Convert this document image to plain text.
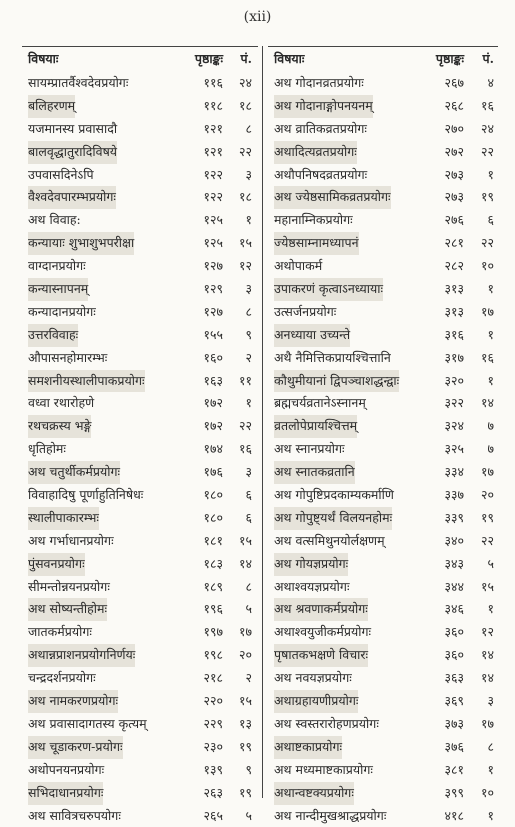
(xii)
विषयाः	पृष्ठाङ्कः	पं.
सायम्प्रातर्वैश्वदेवप्रयोगः	११६	२४
बलिहरणम्	११८	१८
यजमानस्य प्रवासादौ	१२१	८
बालवृद्धातुरादिविषये	१२१	२२
उपवासदिनेऽपि	१२२	३
वैश्वदेवपारम्भप्रयोगः	१२२	१८
अथ विवाह:	१२५	१
कन्यायाः शुभाशुभपरीक्षा	१२५	१५
वाग्दानप्रयोगः	१२७	१२
कन्यास्नापनम्	१२९	३
कन्यादानप्रयोगः	१२७	८
उत्तरविवाहः	१५५	९
औपासनहोमारम्भः	१६०	२
समशनीयस्थालीपाकप्रयोगः	१६३	११
वध्वा रथारोहणे	१७२	१
रथचक्रस्य भङ्गे	१७२	२२
धृतिहोमः	१७४	१६
अथ चतुर्थीकर्मप्रयोगः	१७६	३
विवाहादिषु पूर्णाहुतिनिषेधः	१८०	६
स्थालीपाकारम्भः	१८०	६
अथ गर्भाधानप्रयोगः	१८१	१५
पुंसवनप्रयोगः	१८३	१४
सीमन्तोन्नयनप्रयोगः	१८९	८
अथ सोष्यन्तीहोमः	१९६	५
जातकर्मप्रयोगः	१९७	१७
अथान्नप्राशनप्रयोगनिर्णयः	१९८	२०
चन्द्रदर्शनप्रयोगः	२१८	२
अथ नामकरणप्रयोगः	२२०	१५
अथ प्रवासादागतस्य कृत्यम्	२२९	१३
अथ चूडाकरण-प्रयोगः	२३०	१९
अथोपनयनप्रयोगः	१३९	९
सभिदाधानप्रयोगः	२६३	१९
अथ सावित्रचरुपयोगः	२६५	५
विषयाः	पृष्ठाङ्कः	पं.
अथ गोदानव्रतप्रयोगः	२६७	४
अथ गोदानाङ्गोपनयनम्	२६८	१६
अथ व्रातिकव्रतप्रयोगः	२७०	२४
अथादित्यव्रतप्रयोगः	२७२	२२
अथौपनिषदव्रतप्रयोगः	२७३	१
अथ ज्येष्ठसामिकव्रतप्रयोगः	२७३	१९
महानाम्निकप्रयोगः	२७६	६
ज्येष्ठसाम्नामध्यापनं	२८१	२२
अथोपाकर्म	२८२	१०
उपाकरणं कृत्वाऽनध्यायाः	३१३	१
उत्सर्जनप्रयोगः	३१३	१७
अनध्याया उच्यन्ते	३१६	१
अथै नैमित्तिकप्रायश्चित्तानि	३१७	१६
कौथुमीयानां द्विपञ्चाशद्धन्द्वाः	३२०	१
ब्रह्मचर्यव्रतानेऽस्नानम्	३२२	१४
व्रतलोपेप्रायश्चित्तम्	३२४	७
अथ स्नानप्रयोगः	३२५	७
अथ स्नातकव्रतानि	३३४	१७
अथ गोपुष्टिप्रदकाम्यकर्माणि	३३७	२०
अथ गोपुष्ट्यर्थं विलयनहोमः	३३९	१९
अथ वत्समिथुनयोर्लक्षणम्	३४०	२२
अथ गोयज्ञप्रयोगः	३४३	५
अथाश्वयज्ञप्रयोगः	३४४	१५
अथ श्रवणाकर्मप्रयोगः	३४६	१
अथाश्वयुजीकर्मप्रयोगः	३६०	१२
पृषातकभक्षणे विचारः	३६०	१४
अथ नवयज्ञप्रयोगः	३६३	१४
अथाग्रहायणीप्रयोगः	३६९	३
अथ स्वस्तरारोहणप्रयोगः	३७३	१७
अथाष्टकाप्रयोगः	३७६	८
अथ मध्यमाष्टकाप्रयोगः	३८१	१
अथान्वष्टक्यप्रयोगः	३९९	१०
अथ नान्दीमुखश्राद्धप्रयोगः	४१८	१
